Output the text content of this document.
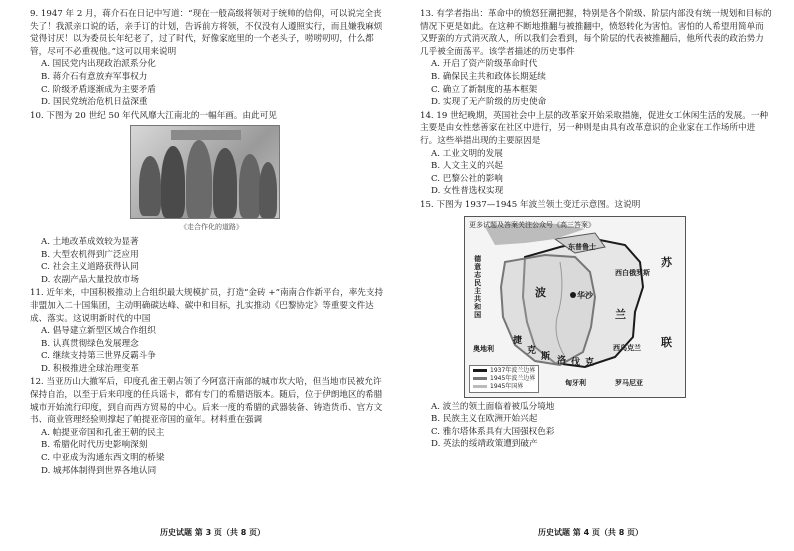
9. 1947 年 2 月，蒋介石在日记中写道：“现在一般高级将领对于统帅的信仰，可以说完全丧失了！我派亲口说的话，亲手订的计划，告诉前方将领，不仅没有人遵照实行，而且嫌我麻烦觉得讨厌！以为委员长年纪老了，过了时代，好像家庭里的一个老头子，唠唠叨叨，什么都管，尽可不必重视他。”这可以用来说明
A. 国民党内出现政治派系分化
B. 蒋介石有意放弃军事权力
C. 阶级矛盾逐渐成为主要矛盾
D. 国民党统治危机日益深重
10. 下图为 20 世纪 50 年代风靡大江南北的一幅年画。由此可见
《走合作化的道路》
A. 土地改革成效较为显著
B. 大型农机得到广泛应用
C. 社会主义道路获得认同
D. 农副产品大量投放市场
11. 近年来，中国积极推动上合组织最大规模扩员，打造“金砖 +”南南合作新平台，率先支持非盟加入二十国集团，主动明确碳达峰、碳中和目标，扎实推动《巴黎协定》等重要文件达成、落实。这说明新时代的中国
A. 倡导建立新型区域合作组织
B. 认真贯彻绿色发展理念
C. 继续支持第三世界反霸斗争
D. 积极推进全球治理变革
12. 当亚历山大撤军后，印度孔雀王朝占领了今阿富汗南部的城市坎大哈，但当地市民被允许保持自治，以至于后来印度的任兵谣卡，都有专门的希腊语版本。随后，位于伊朗地区的希腊城市开始流行印度，到自而西方贸易的中心。后来一度的希腊的武器装备、铸造货币、官方文书、商业管理经验则撑起了帕提亚帝国的童年。材料重在强调
A. 帕提亚帝国和孔雀王朝的民主
B. 希腊化时代历史影响深刻
C. 中亚成为沟通东西文明的桥梁
D. 城邦体制得到世界各地认同
13. 有学者指出：革命中的愤怒狂潮把握，特别是各个阶级、阶层内部没有统一规划和目标的情况下更是如此。在这种不断地推翻与被推翻中，愤怒转化为害怕。害怕的人希望用简单而又野蛮的方式消灭敌人，所以我们会看到，每个阶层的代表被推翻后，他所代表的政治势力几乎被全面荡平。该学者描述的历史事件
A. 开启了资产阶级革命时代
B. 确保民主共和政体长期延续
C. 确立了新制度的基本框架
D. 实现了无产阶级的历史使命
14. 19 世纪晚期，英国社会中上层的改革家开始采取措施，促进女工休闲生活的发展。一种主要是由女性慈善家在社区中进行，另一种则是由具有改革意识的企业家在工作场所中进行。这些举措出现的主要原因是
A. 工业文明的发展
B. 人文主义的兴起
C. 巴黎公社的影响
D. 女性普选权实现
15. 下图为 1937—1945 年波兰领土变迁示意图。这说明
更多试题及答案关注公众号《高三答案》
德意志民主共和国
东普鲁士
西白俄罗斯
波	华沙
兰
苏
联
西乌克兰
捷
克
斯 洛 伐 克
奥地利
匈牙利	罗马尼亚
1937年波兰边界
1945年波兰边界
1945年国界
A. 波兰的领土面临着被瓜分境地
B. 民族主义在欧洲开始兴起
C. 雅尔塔体系具有大国强权色彩
D. 英法的绥靖政策遭到破产
历史试题 第 3 页（共 8 页）	历史试题 第 4 页（共 8 页）
